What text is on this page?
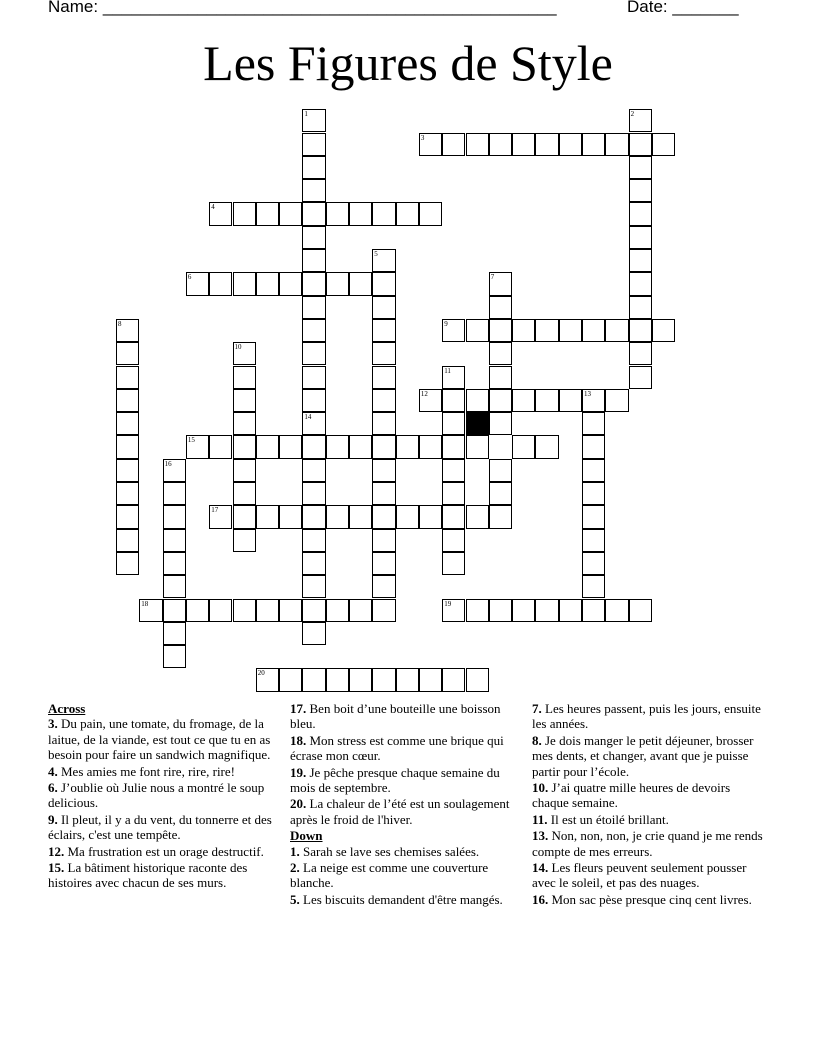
Name: ________________________________________________	Date: _______
Les Figures de Style
1	2
3
4
5
6	7
8	9
10
11
12	13
14
15
16
17
18	19
20
Across
3. Du pain, une tomate, du fromage, de la laitue, de la viande, est tout ce que tu en as besoin pour faire un sandwich magnifique.
4. Mes amies me font rire, rire, rire!
6. J’oublie où Julie nous a montré le soup delicious.
9. Il pleut, il y a du vent, du tonnerre et des éclairs, c'est une tempête.
12. Ma frustration est un orage destructif.
15. La bâtiment historique raconte des histoires avec chacun de ses murs.
17. Ben boit d’une bouteille une boisson bleu.
18. Mon stress est comme une brique qui écrase mon cœur.
19. Je pêche presque chaque semaine du mois de septembre.
20. La chaleur de l’été est un soulagement après le froid de l'hiver.
Down
1. Sarah se lave ses chemises salées.
2. La neige est comme une couverture blanche.
5. Les biscuits demandent d'être mangés.
7. Les heures passent, puis les jours, ensuite les années.
8. Je dois manger le petit déjeuner, brosser mes dents, et changer, avant que je puisse partir pour l’école.
10. J’ai quatre mille heures de devoirs chaque semaine.
11. Il est un étoilé brillant.
13. Non, non, non, je crie quand je me rends compte de mes erreurs.
14. Les fleurs peuvent seulement pousser avec le soleil, et pas des nuages.
16. Mon sac pèse presque cinq cent livres.
